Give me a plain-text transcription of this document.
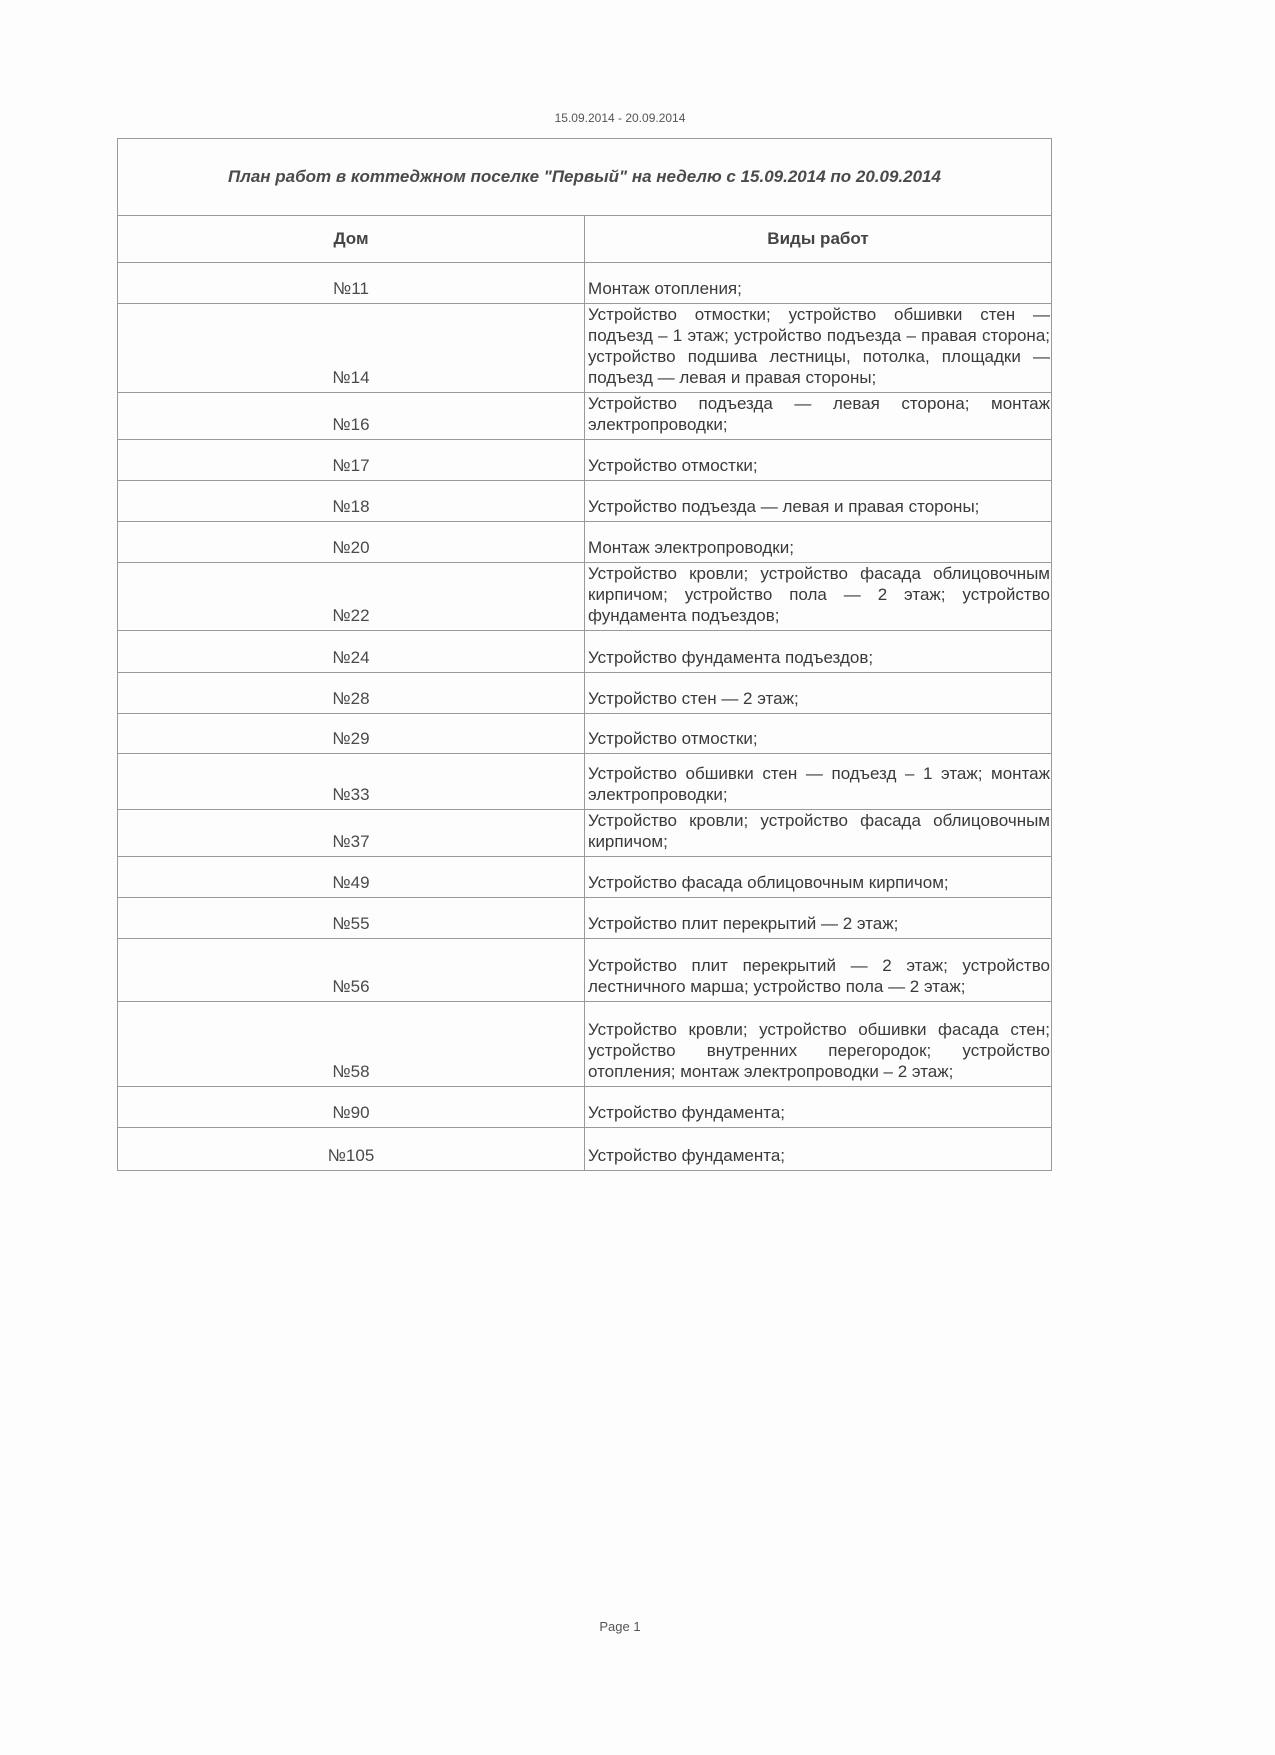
15.09.2014 - 20.09.2014
План работ в коттеджном поселке "Первый" на неделю с 15.09.2014 по 20.09.2014	
Дом	Виды работ
№11	Монтаж отопления;
№14	Устройство отмостки; устройство обшивки стен — подъезд – 1 этаж; устройство подъезда – правая сторона; устройство подшива лестницы, потолка, площадки — подъезд — левая и правая стороны;
№16	Устройство подъезда — левая сторона; монтаж электропроводки;
№17	Устройство отмостки;
№18	Устройство подъезда — левая и правая стороны;
№20	Монтаж электропроводки;
№22	Устройство кровли; устройство фасада облицовочным кирпичом; устройство пола — 2 этаж; устройство фундамента подъездов;
№24	Устройство фундамента подъездов;
№28	Устройство стен — 2 этаж;
№29	Устройство отмостки;
№33	Устройство обшивки стен — подъезд – 1 этаж; монтаж электропроводки;
№37	Устройство кровли; устройство фасада облицовочным кирпичом;
№49	Устройство фасада облицовочным кирпичом;
№55	Устройство плит перекрытий — 2 этаж;
№56	Устройство плит перекрытий — 2 этаж; устройство лестничного марша; устройство пола — 2 этаж;
№58	Устройство кровли; устройство обшивки фасада стен; устройство внутренних перегородок; устройство отопления; монтаж электропроводки – 2 этаж;
№90	Устройство фундамента;
№105	Устройство фундамента;
Page 1
